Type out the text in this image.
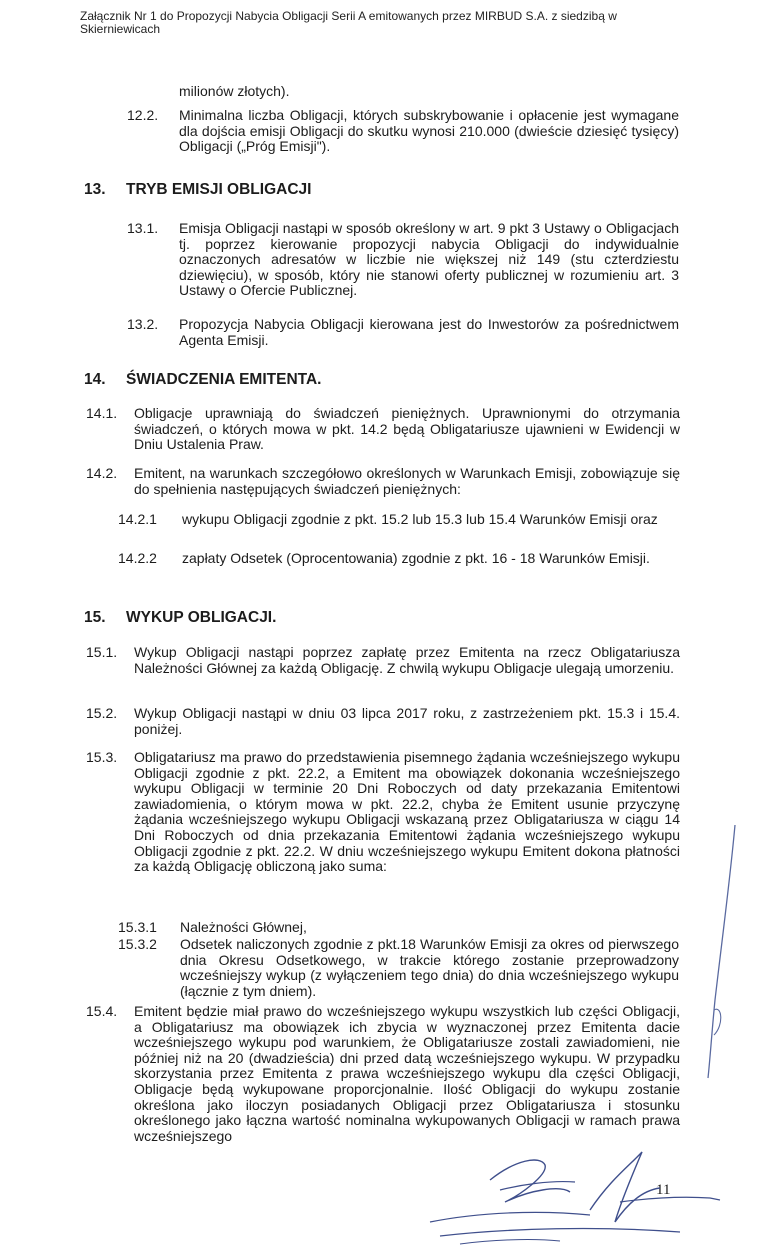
Załącznik Nr 1 do Propozycji Nabycia Obligacji Serii A emitowanych przez MIRBUD S.A. z siedzibą w Skierniewicach
milionów złotych).
12.2. Minimalna liczba Obligacji, których subskrybowanie i opłacenie jest wymagane dla dojścia emisji Obligacji do skutku wynosi 210.000 (dwieście dziesięć tysięcy) Obligacji („Próg Emisji").
13. TRYB EMISJI OBLIGACJI
13.1. Emisja Obligacji nastąpi w sposób określony w art. 9 pkt 3 Ustawy o Obligacjach tj. poprzez kierowanie propozycji nabycia Obligacji do indywidualnie oznaczonych adresatów w liczbie nie większej niż 149 (stu czterdziestu dziewięciu), w sposób, który nie stanowi oferty publicznej w rozumieniu art. 3 Ustawy o Ofercie Publicznej.
13.2. Propozycja Nabycia Obligacji kierowana jest do Inwestorów za pośrednictwem Agenta Emisji.
14. ŚWIADCZENIA EMITENTA.
14.1. Obligacje uprawniają do świadczeń pieniężnych. Uprawnionymi do otrzymania świadczeń, o których mowa w pkt. 14.2 będą Obligatariusze ujawnieni w Ewidencji w Dniu Ustalenia Praw.
14.2. Emitent, na warunkach szczegółowo określonych w Warunkach Emisji, zobowiązuje się do spełnienia następujących świadczeń pieniężnych:
14.2.1 wykupu Obligacji zgodnie z pkt. 15.2 lub 15.3 lub 15.4 Warunków Emisji oraz
14.2.2 zapłaty Odsetek (Oprocentowania) zgodnie z pkt. 16 - 18 Warunków Emisji.
15. WYKUP OBLIGACJI.
15.1. Wykup Obligacji nastąpi poprzez zapłatę przez Emitenta na rzecz Obligatariusza Należności Głównej za każdą Obligację. Z chwilą wykupu Obligacje ulegają umorzeniu.
15.2. Wykup Obligacji nastąpi w dniu 03 lipca 2017 roku, z zastrzeżeniem pkt. 15.3 i 15.4. poniżej.
15.3. Obligatariusz ma prawo do przedstawienia pisemnego żądania wcześniejszego wykupu Obligacji zgodnie z pkt. 22.2, a Emitent ma obowiązek dokonania wcześniejszego wykupu Obligacji w terminie 20 Dni Roboczych od daty przekazania Emitentowi zawiadomienia, o którym mowa w pkt. 22.2, chyba że Emitent usunie przyczynę żądania wcześniejszego wykupu Obligacji wskazaną przez Obligatariusza w ciągu 14 Dni Roboczych od dnia przekazania Emitentowi żądania wcześniejszego wykupu Obligacji zgodnie z pkt. 22.2. W dniu wcześniejszego wykupu Emitent dokona płatności za każdą Obligację obliczoną jako suma:
15.3.1 Należności Głównej,
15.3.2 Odsetek naliczonych zgodnie z pkt.18 Warunków Emisji za okres od pierwszego dnia Okresu Odsetkowego, w trakcie którego zostanie przeprowadzony wcześniejszy wykup (z wyłączeniem tego dnia) do dnia wcześniejszego wykupu (łącznie z tym dniem).
15.4. Emitent będzie miał prawo do wcześniejszego wykupu wszystkich lub części Obligacji, a Obligatariusz ma obowiązek ich zbycia w wyznaczonej przez Emitenta dacie wcześniejszego wykupu pod warunkiem, że Obligatariusze zostali zawiadomieni, nie później niż na 20 (dwadzieścia) dni przed datą wcześniejszego wykupu. W przypadku skorzystania przez Emitenta z prawa wcześniejszego wykupu dla części Obligacji, Obligacje będą wykupowane proporcjonalnie. Ilość Obligacji do wykupu zostanie określona jako iloczyn posiadanych Obligacji przez Obligatariusza i stosunku określonego jako łączna wartość nominalna wykupowanych Obligacji w ramach prawa wcześniejszego
11
